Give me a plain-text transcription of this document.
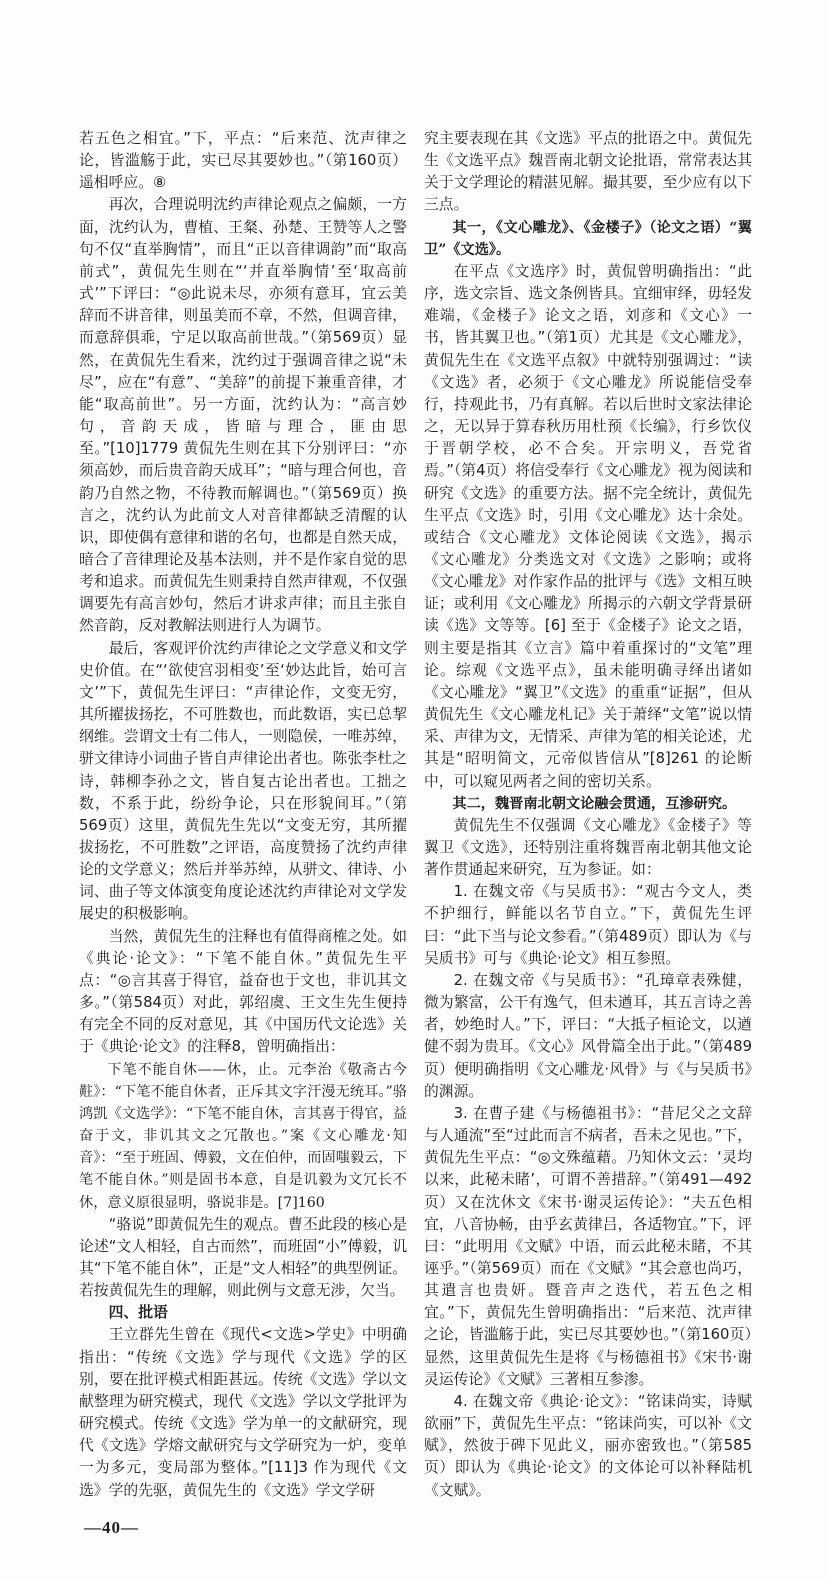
若五色之相宜。”下，平点：“后来范、沈声律之论，皆滥觞于此，实已尽其要妙也。”（第160页）遥相呼应。⑧

再次，合理说明沈约声律论观点之偏颇，一方面，沈约认为，曹植、王粲、孙楚、王赞等人之警句不仅“直举胸情”，而且“正以音律调韵”而“取高前式”，黄侃先生则在“‘并直举胸情’至‘取高前式’”下评曰：“◎此说未尽，亦须有意耳，宜云美辞而不讲音律，则虽美而不章，不然，但调音律，而意辞俱乖，宁足以取高前世哉。”（第569页）显然，在黄侃先生看来，沈约过于强调音律之说“未尽”，应在“有意”、“美辞”的前提下兼重音律，才能“取高前世”。另一方面，沈约认为：“高言妙句，音韵天成，皆暗与理合，匪由思至。”[10]1779 黄侃先生则在其下分别评曰：“亦须高妙，而后贵音韵天成耳”；“暗与理合何也，音韵乃自然之物，不待教而解调也。”（第569页）换言之，沈约认为此前文人对音律都缺乏清醒的认识，即使偶有意律和谐的名句，也都是自然天成，暗合了音律理论及基本法则，并不是作家自觉的思考和追求。而黄侃先生则秉持自然声律观，不仅强调要先有高言妙句，然后才讲求声律；而且主张自然音韵，反对教解法则进行人为调节。

最后，客观评价沈约声律论之文学意义和文学史价值。在“‘欲使宫羽相变’至‘妙达此旨，始可言文’”下，黄侃先生评曰：“声律论作，文变无穷，其所擢拔扬扢，不可胜数也，而此数语，实已总挈纲维。尝谓文士有二伟人，一则隐侯，一唯苏绰，骈文律诗小词曲子皆自声律论出者也。陈张李杜之诗，韩柳李孙之文，皆自复古论出者也。工拙之数，不系于此，纷纷争论，只在形貌间耳。”（第569页）这里，黄侃先生先以“文变无穷，其所擢拔扬扢，不可胜数”之评语，高度赞扬了沈约声律论的文学意义；然后并举苏绰，从骈文、律诗、小词、曲子等文体演变角度论述沈约声律论对文学发展史的积极影响。

当然，黄侃先生的注释也有值得商榷之处。如《典论·论文》：“下笔不能自休。”黄侃先生平点：“◎言其喜于得官，益奋也于文也，非讥其文多。”（第584页）对此，郭绍虞、王文生先生便持有完全不同的反对意见，其《中国历代文论选》关于《典论·论文》的注释8，曾明确指出：

下笔不能自休——休，止。元李治《敬斋古今黈》：“下笔不能自休者，正斥其文字汗漫无统耳。”骆鸿凯《文选学》：“下笔不能自休，言其喜于得官，益奋于文，非讥其文之冗散也。”案《文心雕龙·知音》：“至于班固、傅毅，文在伯仲，而固嗤毅云，下笔不能自休。”则是固书本意，自是讥毅为文冗长不休，意义原很显明，骆说非是。[7]160

“骆说”即黄侃先生的观点。曹丕此段的核心是论述“文人相轻，自古而然”，而班固“小”傅毅，讥其“下笔不能自休”，正是“文人相轻”的典型例证。若按黄侃先生的理解，则此例与文意无涉，欠当。

四、批语

王立群先生曾在《现代<文选>学史》中明确指出：“传统《文选》学与现代《文选》学的区别，要在批评模式相距甚远。传统《文选》学以文献整理为研究模式，现代《文选》学以文学批评为研究模式。传统《文选》学为单一的文献研究，现代《文选》学熔文献研究与文学研究为一炉，变单一为多元，变局部为整体。”[11]3 作为现代《文选》学的先驱，黄侃先生的《文选》学文学研

—40—

究主要表现在其《文选》平点的批语之中。黄侃先生《文选平点》魏晋南北朝文论批语，常常表达其关于文学理论的精湛见解。撮其要，至少应有以下三点。

其一，《文心雕龙》、《金楼子》（论文之语）“翼卫”《文选》。

在平点《文选序》时，黄侃曾明确指出：“此序，选文宗旨、选文条例皆具。宜细审绎，毋轻发难端，《金楼子》论文之语，刘彦和《文心》一书，皆其翼卫也。”（第1页）尤其是《文心雕龙》，黄侃先生在《文选平点叙》中就特别强调过：“读《文选》者，必须于《文心雕龙》所说能信受奉行，持观此书，乃有真解。若以后世时文家法律论之，无以异于算春秋历用杜预《长编》，行乡饮仪于晋朝学校，必不合矣。开宗明义，吾党省焉。”（第4页）将信受奉行《文心雕龙》视为阅读和研究《文选》的重要方法。据不完全统计，黄侃先生平点《文选》时，引用《文心雕龙》达十余处。或结合《文心雕龙》文体论阅读《文选》，揭示《文心雕龙》分类选文对《文选》之影响；或将《文心雕龙》对作家作品的批评与《选》文相互映证；或利用《文心雕龙》所揭示的六朝文学背景研读《选》文等等。[6] 至于《金楼子》论文之语，则主要是指其《立言》篇中着重探讨的“文笔”理论。综观《文选平点》，虽未能明确寻绎出诸如《文心雕龙》“翼卫”《文选》的重重“证据”，但从黄侃先生《文心雕龙札记》关于萧绎“文笔”说以情采、声律为文，无情采、声律为笔的相关论述，尤其是“昭明简文，元帝似皆信从”[8]261 的论断中，可以窥见两者之间的密切关系。

其二，魏晋南北朝文论融会贯通，互渗研究。

黄侃先生不仅强调《文心雕龙》《金楼子》等翼卫《文选》，还特别注重将魏晋南北朝其他文论著作贯通起来研究，互为参证。如：

1. 在魏文帝《与吴质书》：“观古今文人，类不护细行，鲜能以名节自立。”下，黄侃先生评曰：“此下当与论文参看。”（第489页）即认为《与吴质书》可与《典论·论文》相互参照。

2. 在魏文帝《与吴质书》：“孔璋章表殊健，微为繁富，公干有逸气，但未遒耳，其五言诗之善者，妙绝时人。”下，评曰：“大抵子桓论文，以遒健不弱为贵耳。《文心》风骨篇全出于此。”（第489页）便明确指明《文心雕龙·风骨》与《与吴质书》的渊源。

3. 在曹子建《与杨德祖书》：“昔尼父之文辞与人通流”至“过此而言不病者，吾未之见也。”下，黄侃先生平点：“◎文殊蕴藉。乃知休文云：‘灵均以来，此秘未睹’，可谓不善措辞。”（第491—492页）又在沈休文《宋书·谢灵运传论》：“夫五色相宜，八音协畅，由乎玄黄律吕，各适物宜。”下，评曰：“此明用《文赋》中语，而云此秘未睹，不其诬乎。”（第569页）而在《文赋》“其会意也尚巧，其遣言也贵妍。暨音声之迭代，若五色之相宜。”下，黄侃先生曾明确指出：“后来范、沈声律之论，皆滥觞于此，实已尽其要妙也。”（第160页）显然，这里黄侃先生是将《与杨德祖书》《宋书·谢灵运传论》《文赋》三著相互参渗。

4. 在魏文帝《典论·论文》：“铭诔尚实，诗赋欲丽”下，黄侃先生平点：“铭诔尚实，可以补《文赋》，然彼于碑下见此义，丽亦密致也。”（第585页）即认为《典论·论文》的文体论可以补释陆机《文赋》。
